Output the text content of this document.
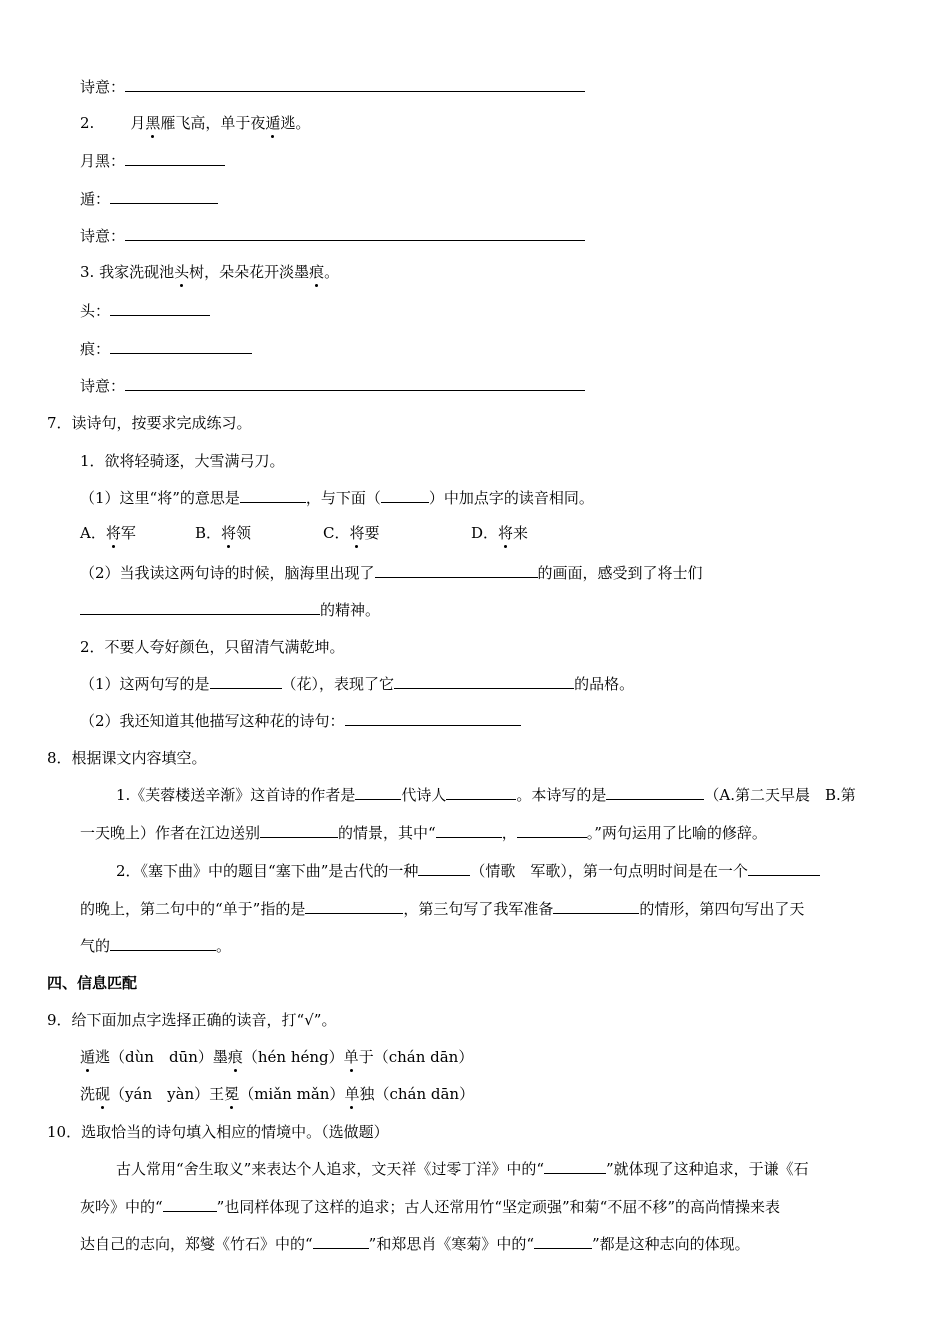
诗意：
2. 月黑雁飞高，单于夜遁逃。
月黑：
遁：
诗意：
3. 我家洗砚池头树，朵朵花开淡墨痕。
头：
痕：
诗意：
7．读诗句，按要求完成练习。
1．欲将轻骑逐，大雪满弓刀。
（1）这里“将”的意思是	，与下面（	）中加点字的读音相同。
A．将军	B．将领	C．将要	D．将来
（2）当我读这两句诗的时候，脑海里出现了	的画面，感受到了将士们
的精神。
2．不要人夸好颜色，只留清气满乾坤。
（1）这两句写的是	（花），表现了它	的品格。
（2）我还知道其他描写这种花的诗句：
8．根据课文内容填空。
1.《芙蓉楼送辛渐》这首诗的作者是	代诗人	。本诗写的是	（A.第二天早晨　B.第
一天晚上）作者在江边送别	的情景，其中“	，	。”两句运用了比喻的修辞。
2．《塞下曲》中的题目“塞下曲”是古代的一种	（情歌　军歌），第一句点明时间是在一个
的晚上，第二句中的“单于”指的是	，第三句写了我军准备	的情形，第四句写出了天
气的	。
四、信息匹配
9．给下面加点字选择正确的读音，打“√”。
遁逃（dùn　dūn）墨痕（hén héng）单于（chán dān）
洗砚（yán　yàn）王冕（miǎn mǎn）单独（chán dān）
10．选取恰当的诗句填入相应的情境中。（选做题）
古人常用“舍生取义”来表达个人追求，文天祥《过零丁洋》中的“	”就体现了这种追求，于谦《石
灰吟》中的“	”也同样体现了这样的追求；古人还常用竹“坚定顽强”和菊“不屈不移”的高尚情操来表
达自己的志向，郑燮《竹石》中的“	”和郑思肖《寒菊》中的“	”都是这种志向的体现。
